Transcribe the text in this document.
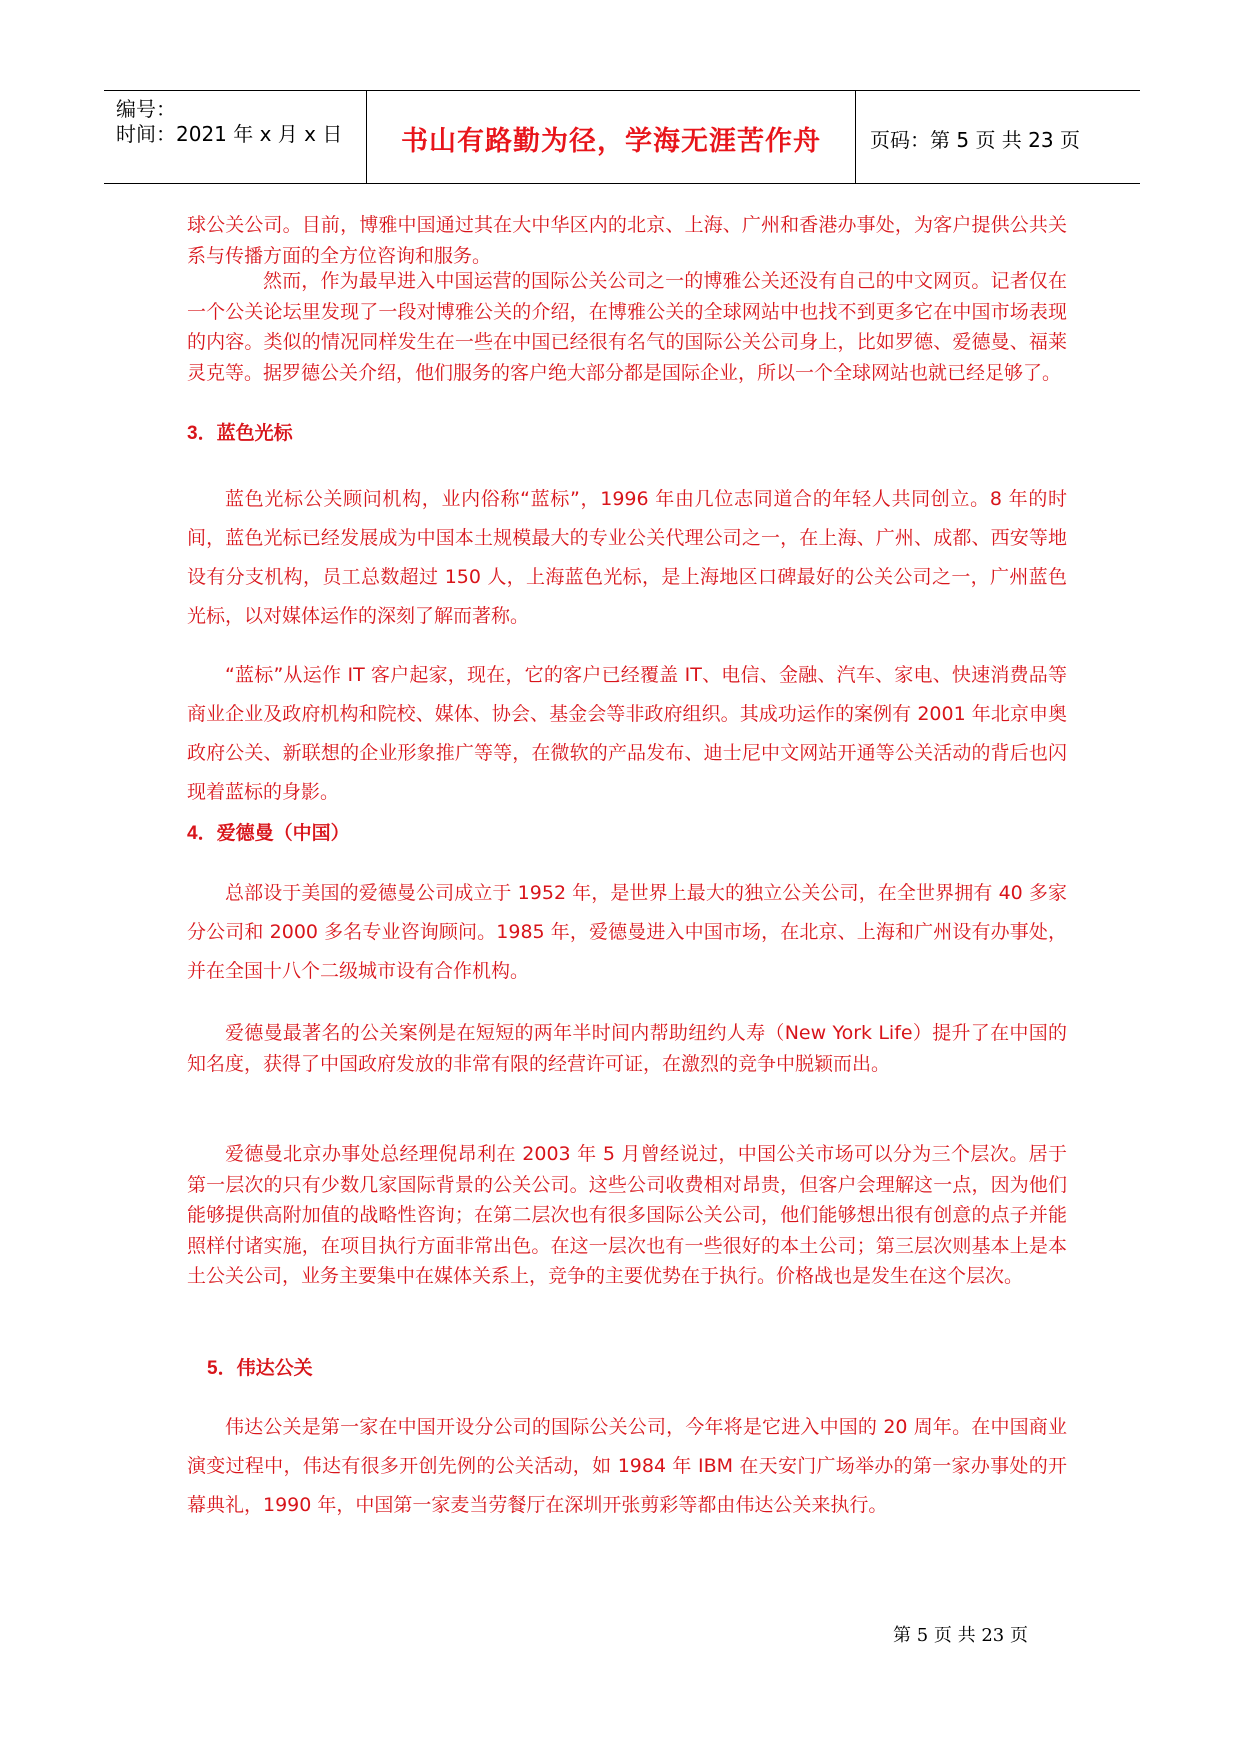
编号：
时间：2021 年 x 月 x 日	书山有路勤为径，学海无涯苦作舟	页码：第 5 页 共 23 页

球公关公司。目前，博雅中国通过其在大中华区内的北京、上海、广州和香港办事处，为客户提供公共关系与传播方面的全方位咨询和服务。

然而，作为最早进入中国运营的国际公关公司之一的博雅公关还没有自己的中文网页。记者仅在一个公关论坛里发现了一段对博雅公关的介绍，在博雅公关的全球网站中也找不到更多它在中国市场表现的内容。类似的情况同样发生在一些在中国已经很有名气的国际公关公司身上，比如罗德、爱德曼、福莱灵克等。据罗德公关介绍，他们服务的客户绝大部分都是国际企业，所以一个全球网站也就已经足够了。

3．蓝色光标

蓝色光标公关顾问机构，业内俗称“蓝标”，1996 年由几位志同道合的年轻人共同创立。8 年的时间，蓝色光标已经发展成为中国本土规模最大的专业公关代理公司之一，在上海、广州、成都、西安等地设有分支机构，员工总数超过 150 人，上海蓝色光标，是上海地区口碑最好的公关公司之一，广州蓝色光标，以对媒体运作的深刻了解而著称。

“蓝标”从运作 IT 客户起家，现在，它的客户已经覆盖 IT、电信、金融、汽车、家电、快速消费品等商业企业及政府机构和院校、媒体、协会、基金会等非政府组织。其成功运作的案例有 2001 年北京申奥政府公关、新联想的企业形象推广等等，在微软的产品发布、迪士尼中文网站开通等公关活动的背后也闪现着蓝标的身影。

4．爱德曼（中国）

总部设于美国的爱德曼公司成立于 1952 年，是世界上最大的独立公关公司，在全世界拥有 40 多家分公司和 2000 多名专业咨询顾问。1985 年，爱德曼进入中国市场，在北京、上海和广州设有办事处，并在全国十八个二级城市设有合作机构。

爱德曼最著名的公关案例是在短短的两年半时间内帮助纽约人寿（New York Life）提升了在中国的知名度，获得了中国政府发放的非常有限的经营许可证，在激烈的竞争中脱颖而出。

爱德曼北京办事处总经理倪昂利在 2003 年 5 月曾经说过，中国公关市场可以分为三个层次。居于第一层次的只有少数几家国际背景的公关公司。这些公司收费相对昂贵，但客户会理解这一点，因为他们能够提供高附加值的战略性咨询；在第二层次也有很多国际公关公司，他们能够想出很有创意的点子并能照样付诸实施，在项目执行方面非常出色。在这一层次也有一些很好的本土公司；第三层次则基本上是本土公关公司，业务主要集中在媒体关系上，竞争的主要优势在于执行。价格战也是发生在这个层次。

5．伟达公关

伟达公关是第一家在中国开设分公司的国际公关公司，今年将是它进入中国的 20 周年。在中国商业演变过程中，伟达有很多开创先例的公关活动，如 1984 年 IBM 在天安门广场举办的第一家办事处的开幕典礼，1990 年，中国第一家麦当劳餐厅在深圳开张剪彩等都由伟达公关来执行。

第 5 页 共 23 页
